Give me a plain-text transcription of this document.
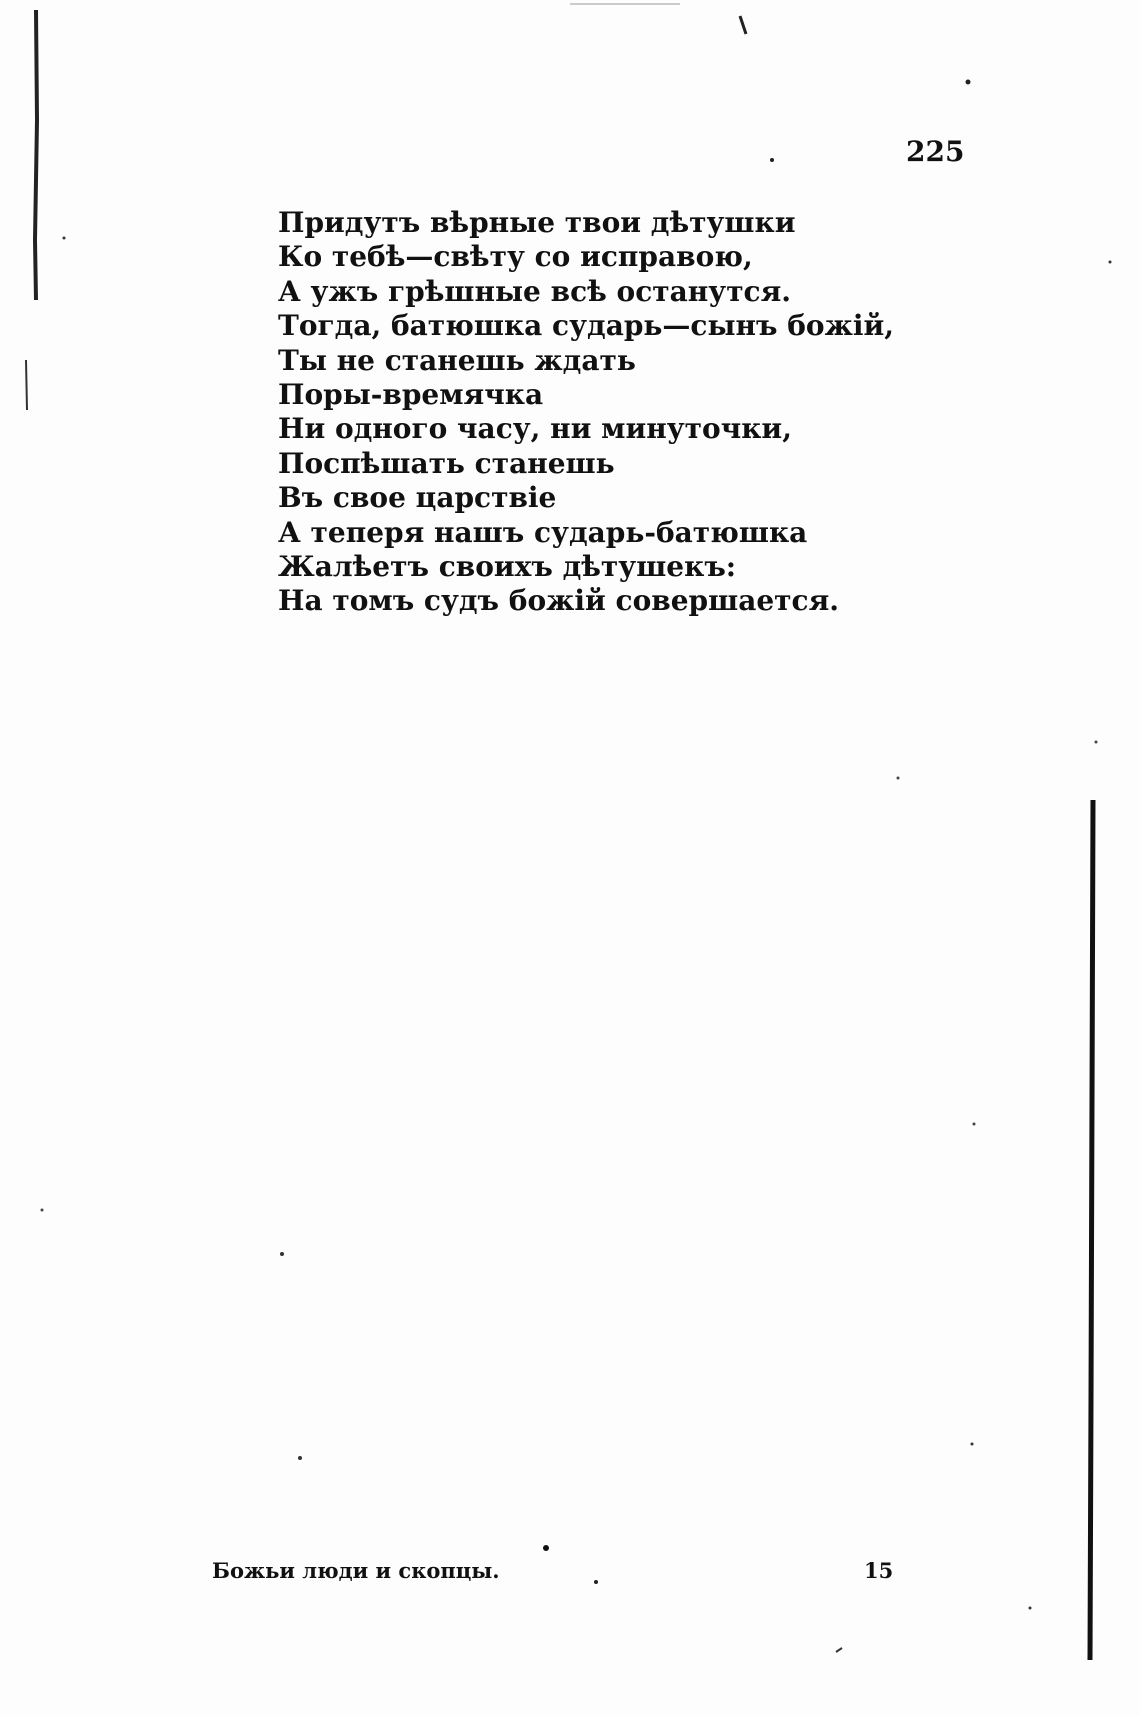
225
Придутъ вѣрные твои дѣтушки
Ко тебѣ—свѣту со исправою,
А ужъ грѣшные всѣ останутся.
Тогда, батюшка сударь—сынъ божій,
Ты не станешь ждать
Поры-времячка
Ни одного часу, ни минуточки,
Поспѣшать станешь
Въ свое царствіе
А теперя нашъ сударь-батюшка
Жалѣетъ своихъ дѣтушекъ:
На томъ судъ божій совершается.
Божьи люди и скопцы.	15
